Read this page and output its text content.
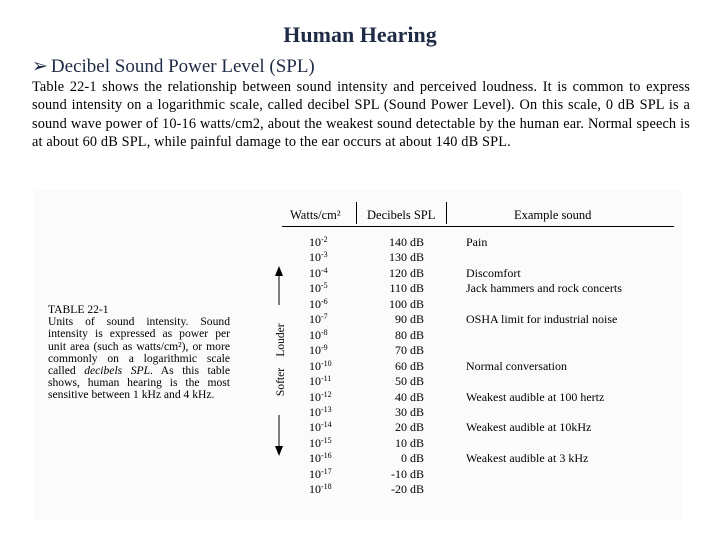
Human Hearing
➢ Decibel Sound Power Level (SPL)
Table 22-1 shows the relationship between sound intensity and perceived loudness. It is common to express sound intensity on a logarithmic scale, called decibel SPL (Sound Power Level). On this scale, 0 dB SPL is a sound wave power of 10-16 watts/cm2, about the weakest sound detectable by the human ear. Normal speech is at about 60 dB SPL, while painful damage to the ear occurs at about 140 dB SPL.
TABLE 22-1
Units of sound intensity. Sound intensity is expressed as power per unit area (such as watts/cm²), or more commonly on a logarithmic scale called decibels SPL. As this table shows, human hearing is the most sensitive between 1 kHz and 4 kHz.
Watts/cm² Decibels SPL	Example sound
Louder
Softer
$10^{-2}$	140 dB	Pain
$10^{-3}$	130 dB
$10^{-4}$	120 dB	Discomfort
$10^{-5}$	110 dB	Jack hammers and rock concerts
$10^{-6}$	100 dB
$10^{-7}$	90 dB	OSHA limit for industrial noise
$10^{-8}$	80 dB
$10^{-9}$	70 dB
$10^{-10}$	60 dB	Normal conversation
$10^{-11}$	50 dB
$10^{-12}$	40 dB	Weakest audible at 100 hertz
$10^{-13}$	30 dB
$10^{-14}$	20 dB	Weakest audible at 10kHz
$10^{-15}$	10 dB
$10^{-16}$	0 dB	Weakest audible at 3 kHz
$10^{-17}$	-10 dB
$10^{-18}$	-20 dB
